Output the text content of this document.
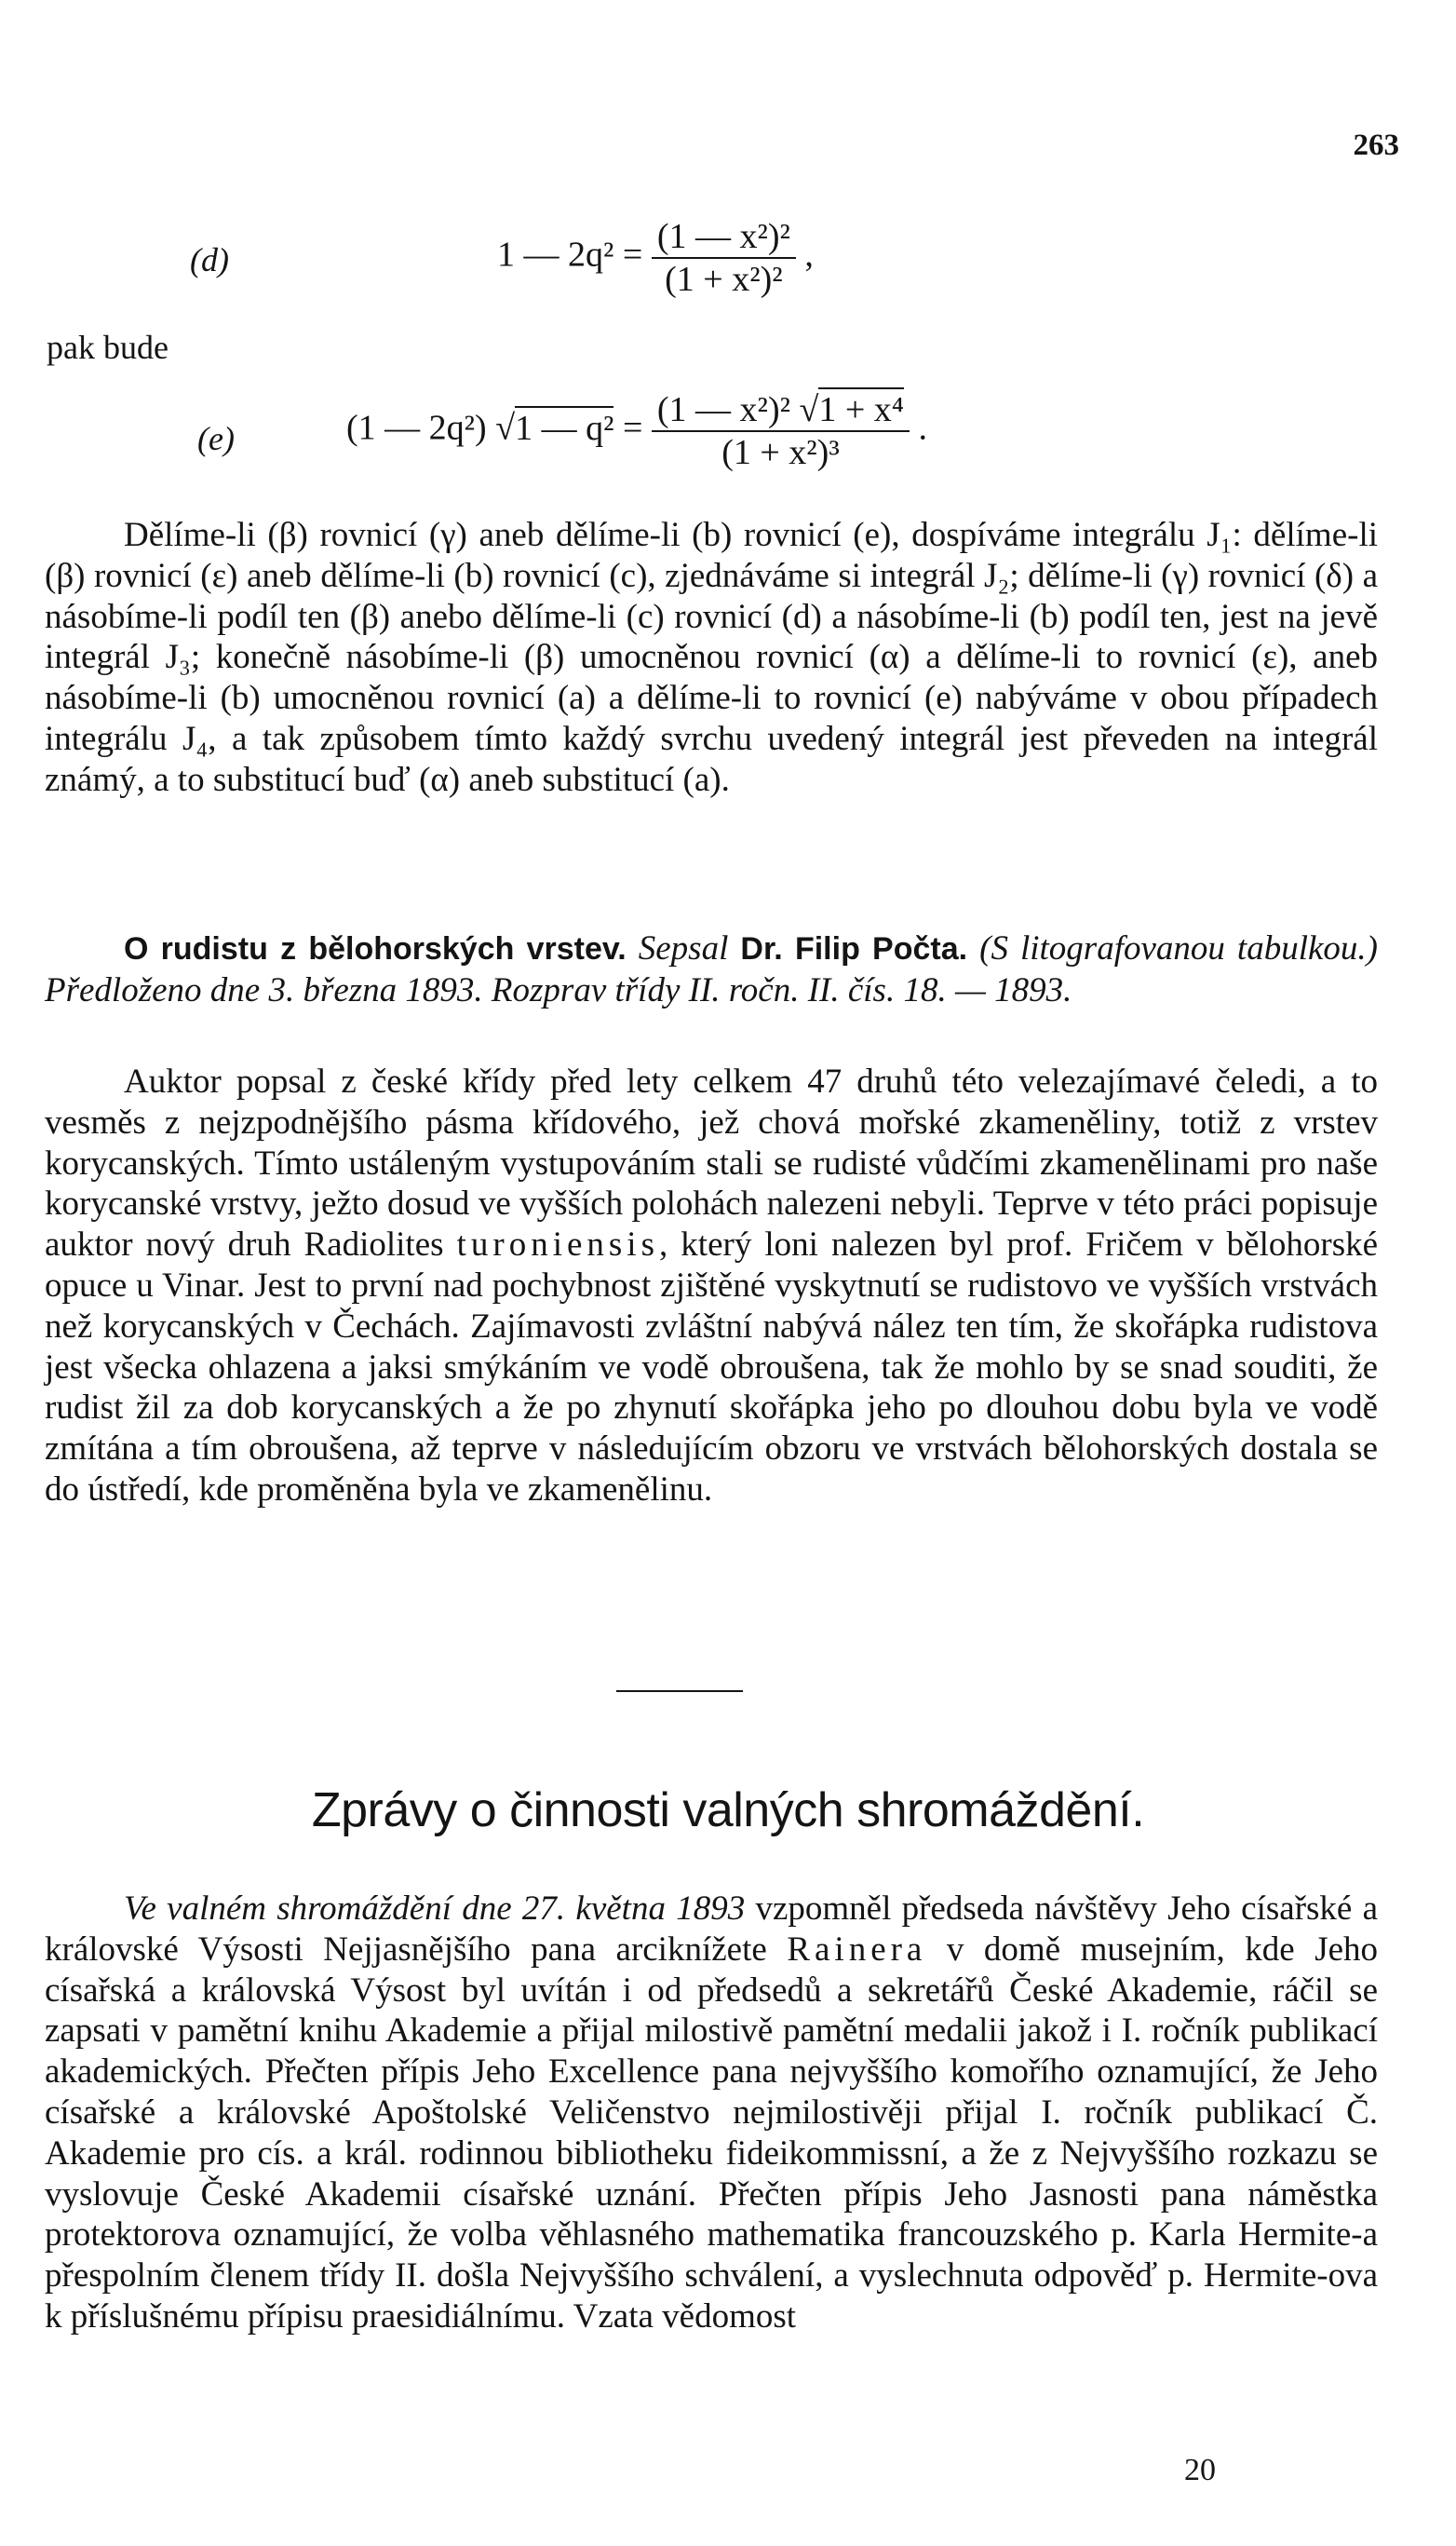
263
(d)	1 — $2q^2 = \frac{\text{(1 — x²)²}}{\text{(1 + x²)²}}$ ,
pak bude
(e)	(1 — 2q²) √1 — $q^2 = \frac{\text{(1 — x²)² √1 + x⁴}}{\text{(1 + x²)³}}$ .
Dělíme-li (β) rovnicí (γ) aneb dělíme-li (b) rovnicí (e), dospíváme integrálu J₁: dělíme-li (β) rovnicí (ε) aneb dělíme-li (b) rovnicí (c), zjednáváme si integrál J₂; dělíme-li (γ) rovnicí (δ) a násobíme-li podíl ten (β) anebo dělíme-li (c) rovnicí (d) a násobíme-li (b) podíl ten, jest na jevě integrál J₃; konečně násobíme-li (β) umocněnou rovnicí (α) a dělíme-li to rovnicí (ε), aneb násobíme-li (b) umocněnou rovnicí (a) a dělíme-li to rovnicí (e) nabýváme v obou případech integrálu J₄, a tak způsobem tímto každý svrchu uvedený integrál jest převeden na integrál známý, a to substitucí buď (α) aneb substitucí (a).
O rudistu z bělohorských vrstev. Sepsal Dr. Filip Počta. (S litografovanou tabulkou.) Předloženo dne 3. března 1893. Rozprav třídy II. ročn. II. čís. 18. — 1893.
Auktor popsal z české křídy před lety celkem 47 druhů této velezajímavé čeledi, a to vesměs z nejzpodnějšího pásma křídového, jež chová mořské zkameněliny, totiž z vrstev korycanských. Tímto ustáleným vystupováním stali se rudisté vůdčími zkamenělinami pro naše korycanské vrstvy, ježto dosud ve vyšších polohách nalezeni nebyli. Teprve v této práci popisuje auktor nový druh Radiolites turoniensis, který loni nalezen byl prof. Fričem v bělohorské opuce u Vinar. Jest to první nad pochybnost zjištěné vyskytnutí se rudistovo ve vyšších vrstvách než korycanských v Čechách. Zajímavosti zvláštní nabývá nález ten tím, že skořápka rudistova jest všecka ohlazena a jaksi smýkáním ve vodě obroušena, tak že mohlo by se snad souditi, že rudist žil za dob korycanských a že po zhynutí skořápka jeho po dlouhou dobu byla ve vodě zmítána a tím obroušena, až teprve v následujícím obzoru ve vrstvách bělohorských dostala se do ústředí, kde proměněna byla ve zkamenělinu.
Zprávy o činnosti valných shromáždění.
Ve valném shromáždění dne 27. května 1893 vzpomněl předseda návštěvy Jeho císařské a královské Výsosti Nejjasnějšího pana arciknížete Rainera v domě musejním, kde Jeho císařská a královská Výsost byl uvítán i od předsedů a sekretářů České Akademie, ráčil se zapsati v pamětní knihu Akademie a přijal milostivě pamětní medalii jakož i I. ročník publikací akademických. Přečten přípis Jeho Excellence pana nejvyššího komořího oznamující, že Jeho císařské a královské Apoštolské Veličenstvo nejmilostivěji přijal I. ročník publikací Č. Akademie pro cís. a král. rodinnou bibliotheku fideikommissní, a že z Nejvyššího rozkazu se vyslovuje České Akademii císařské uznání. Přečten přípis Jeho Jasnosti pana náměstka protektorova oznamující, že volba věhlasného mathematika francouzského p. Karla Hermite-a přespolním členem třídy II. došla Nejvyššího schválení, a vyslechnuta odpověď p. Hermite-ova k příslušnému přípisu praesidiálnímu. Vzata vědomost
20
